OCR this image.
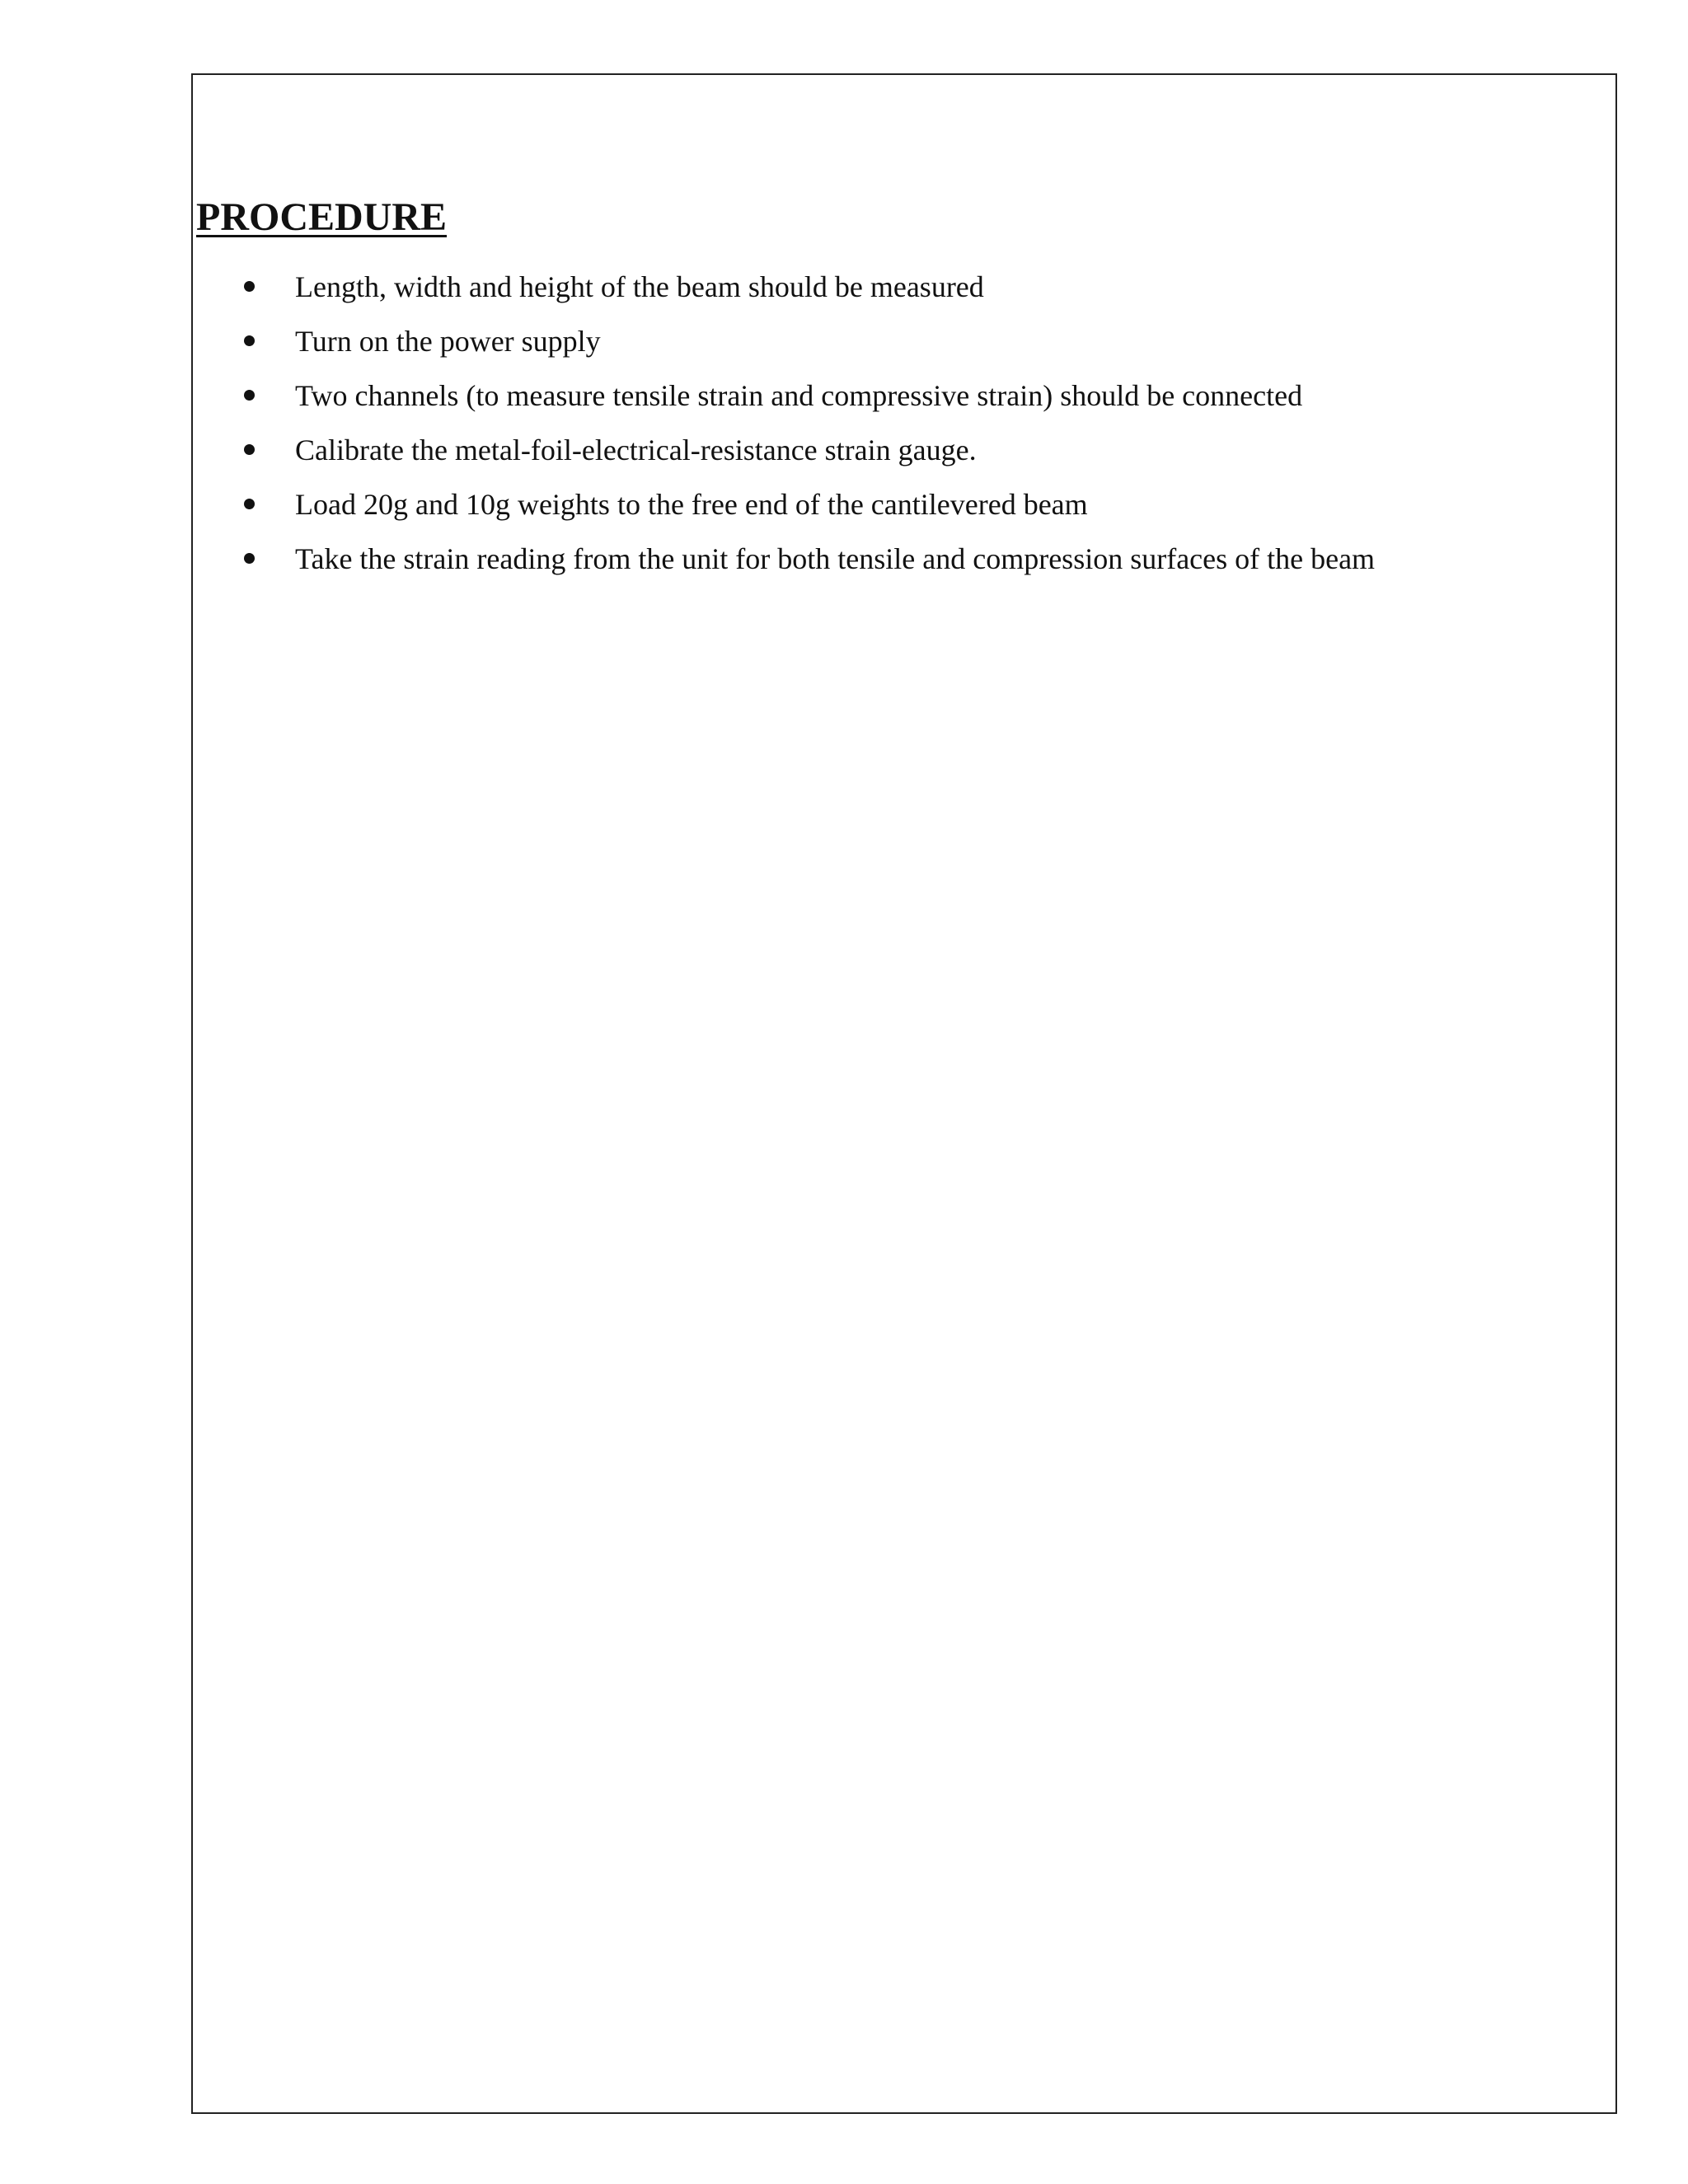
PROCEDURE
Length, width and height of the beam should be measured
Turn on the power supply
Two channels (to measure tensile strain and compressive strain) should be connected
Calibrate the metal-foil-electrical-resistance strain gauge.
Load 20g and 10g weights to the free end of the cantilevered beam
Take the strain reading from the unit for both tensile and compression surfaces of the beam
